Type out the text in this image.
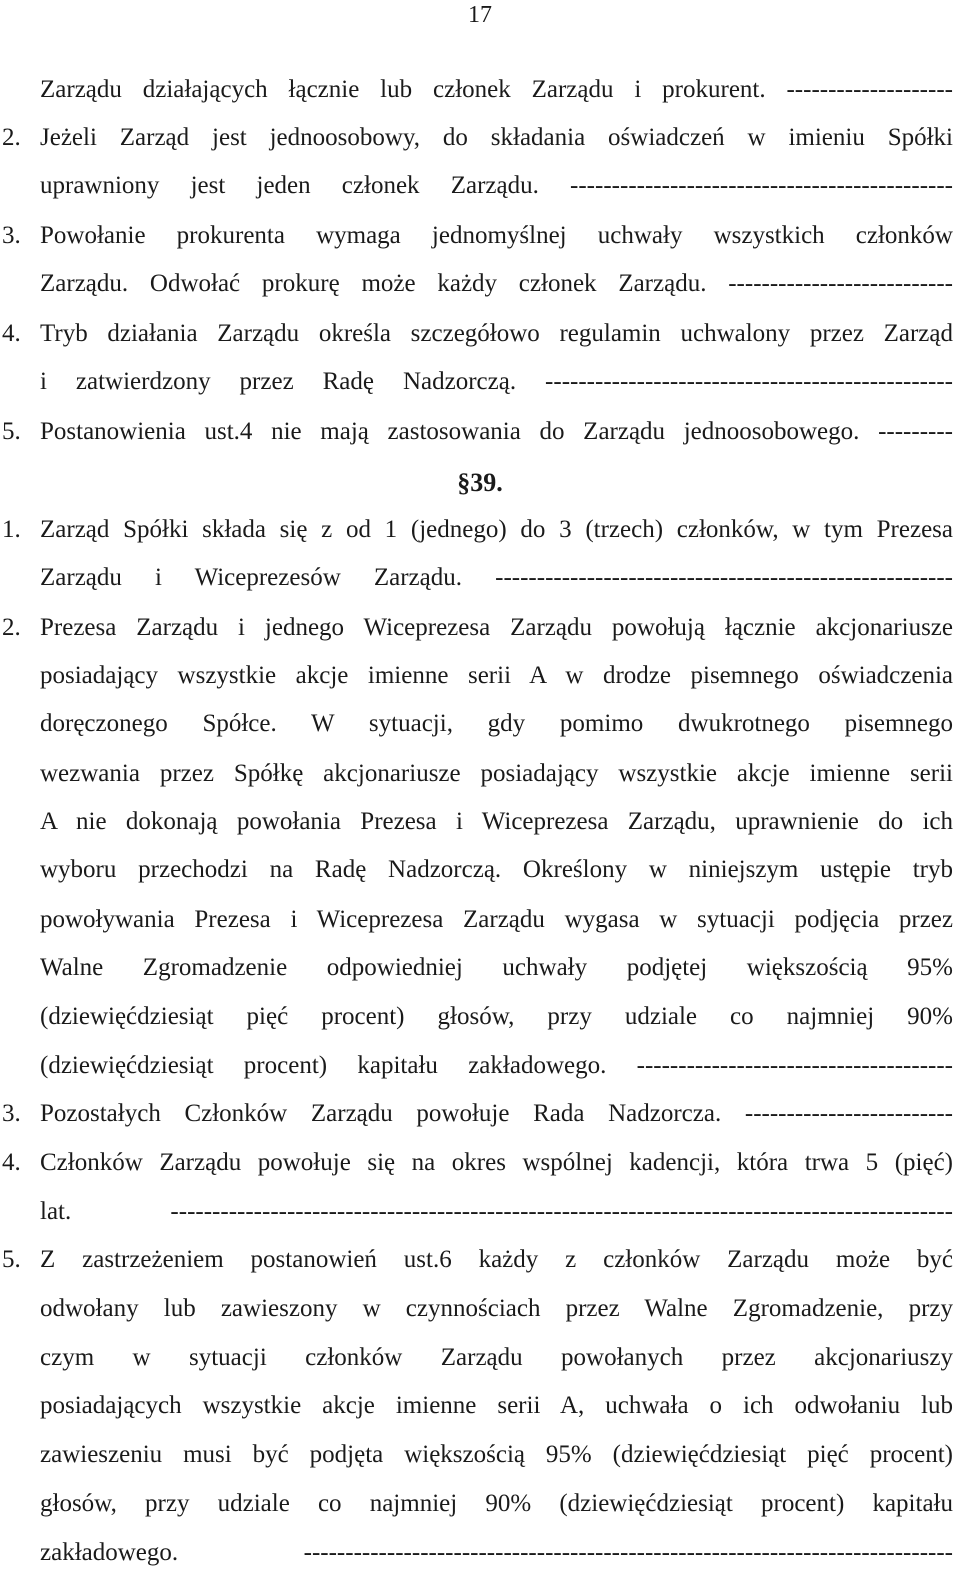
17
Zarządu działających łącznie lub członek Zarządu i prokurent. --------------------
2. Jeżeli Zarząd jest jednoosobowy, do składania oświadczeń w imieniu Spółki
uprawniony jest jeden członek Zarządu. ----------------------------------------------
3. Powołanie prokurenta wymaga jednomyślnej uchwały wszystkich członków
Zarządu. Odwołać prokurę może każdy członek Zarządu. ---------------------------
4. Tryb działania Zarządu określa szczegółowo regulamin uchwalony przez Zarząd
i zatwierdzony przez Radę Nadzorczą. -------------------------------------------------
5. Postanowienia ust.4 nie mają zastosowania do Zarządu jednoosobowego. ---------
§39.
1. Zarząd Spółki składa się z od 1 (jednego) do 3 (trzech) członków, w tym Prezesa
Zarządu i Wiceprezesów Zarządu. -------------------------------------------------------
2. Prezesa Zarządu i jednego Wiceprezesa Zarządu powołują łącznie akcjonariusze
posiadający wszystkie akcje imienne serii A w drodze pisemnego oświadczenia
doręczonego Spółce. W sytuacji, gdy pomimo dwukrotnego pisemnego
wezwania przez Spółkę akcjonariusze posiadający wszystkie akcje imienne serii
A nie dokonają powołania Prezesa i Wiceprezesa Zarządu, uprawnienie do ich
wyboru przechodzi na Radę Nadzorczą. Określony w niniejszym ustępie tryb
powoływania Prezesa i Wiceprezesa Zarządu wygasa w sytuacji podjęcia przez
Walne Zgromadzenie odpowiedniej uchwały podjętej większością 95%
(dziewięćdziesiąt pięć procent) głosów, przy udziale co najmniej 90%
(dziewięćdziesiąt procent) kapitału zakładowego. --------------------------------------
3. Pozostałych Członków Zarządu powołuje Rada Nadzorcza. -------------------------
4. Członków Zarządu powołuje się na okres wspólnej kadencji, która trwa 5 (pięć)
lat. ----------------------------------------------------------------------------------------------
5. Z zastrzeżeniem postanowień ust.6 każdy z członków Zarządu może być
odwołany lub zawieszony w czynnościach przez Walne Zgromadzenie, przy
czym w sytuacji członków Zarządu powołanych przez akcjonariuszy
posiadających wszystkie akcje imienne serii A, uchwała o ich odwołaniu lub
zawieszeniu musi być podjęta większością 95% (dziewięćdziesiąt pięć procent)
głosów, przy udziale co najmniej 90% (dziewięćdziesiąt procent) kapitału
zakładowego. ------------------------------------------------------------------------------
